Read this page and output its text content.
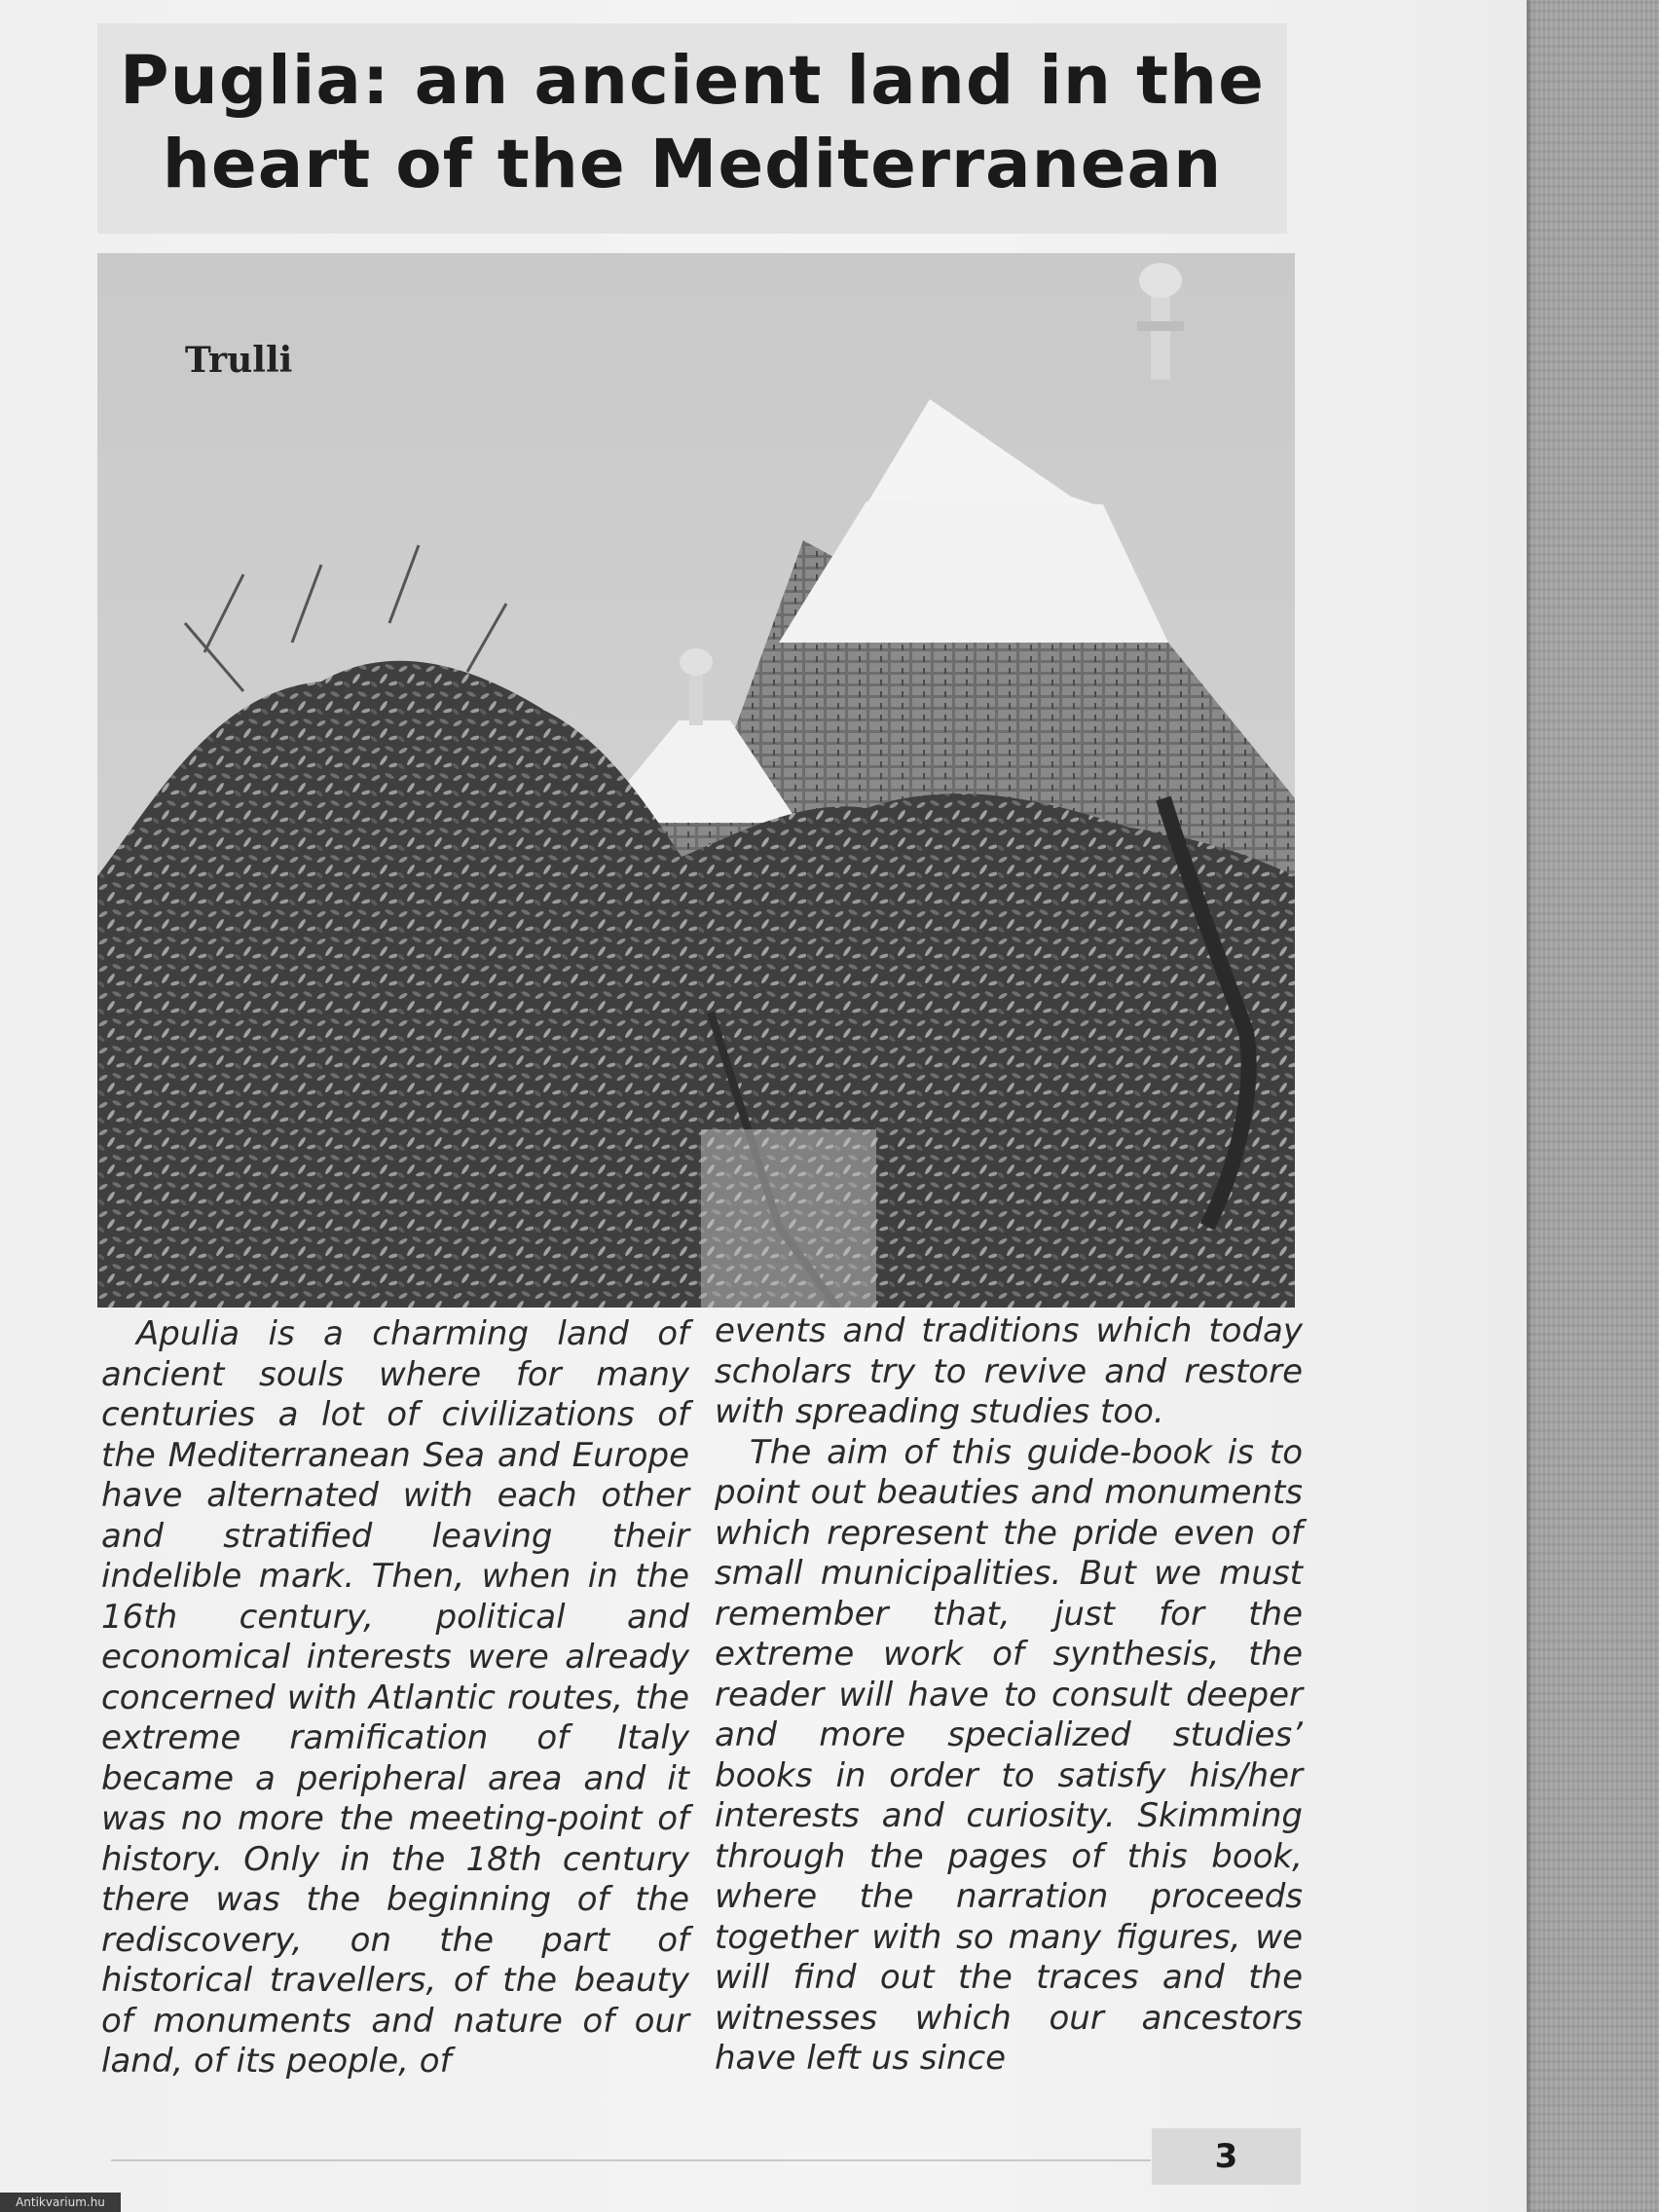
Puglia: an ancient land in the heart of the Mediterranean
Trulli

Apulia is a charming land of ancient souls where for many centuries a lot of civilizations of the Mediterranean Sea and Europe have alternated with each other and stratified leaving their indelible mark. Then, when in the 16th century, political and economical interests were already concerned with Atlantic routes, the extreme ramification of Italy became a peripheral area and it was no more the meeting-point of history. Only in the 18th century there was the beginning of the rediscovery, on the part of historical travellers, of the beauty of monuments and nature of our land, of its people, of

events and traditions which today scholars try to revive and restore with spreading studies too.

The aim of this guide-book is to point out beauties and monuments which represent the pride even of small municipalities. But we must remember that, just for the extreme work of synthesis, the reader will have to consult deeper and more specialized studies’ books in order to satisfy his/her interests and curiosity. Skimming through the pages of this book, where the narration proceeds together with so many figures, we will find out the traces and the witnesses which our ancestors have left us since

3
Antikvarium.hu
